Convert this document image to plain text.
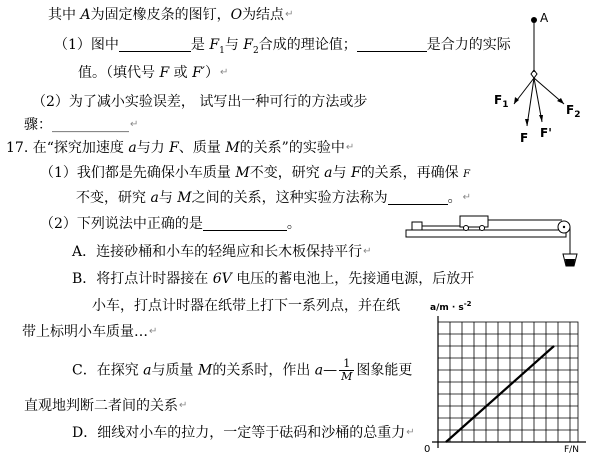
其中 A为固定橡皮条的图钉，O为结点↵
（1）图中	是 $F_1$与 $F_2$合成的理论值；	是合力的实际
值。（填代号 F 或 F′）↵
（2）为了减小实验误差， 试写出一种可行的方法或步
骤：___________↵
17. 在“探究加速度 a与力 F、质量 M的关系”的实验中↵
（1）我们都是先确保小车质量 M不变，研究 a与 F的关系，再确保 F
不变，研究 a与 M之间的关系，这种实验方法称为	。↵
（2）下列说法中正确的是	。
A．连接砂桶和小车的轻绳应和长木板保持平行↵
B．将打点计时器接在 6V 电压的蓄电池上，先接通电源，后放开
小车，打点计时器在纸带上打下一系列点，并在纸
带上标明小车质量…↵
C．在探究 a与质量 M的关系时，作出 a— $\frac{1}{M}$ 图象能更
直观地判断二者间的关系↵
D．细线对小车的拉力，一定等于砝码和沙桶的总重力↵
A
$F_1$	$F_2$
F F'
$a/m \cdot s^{-2}$
0	F/N
